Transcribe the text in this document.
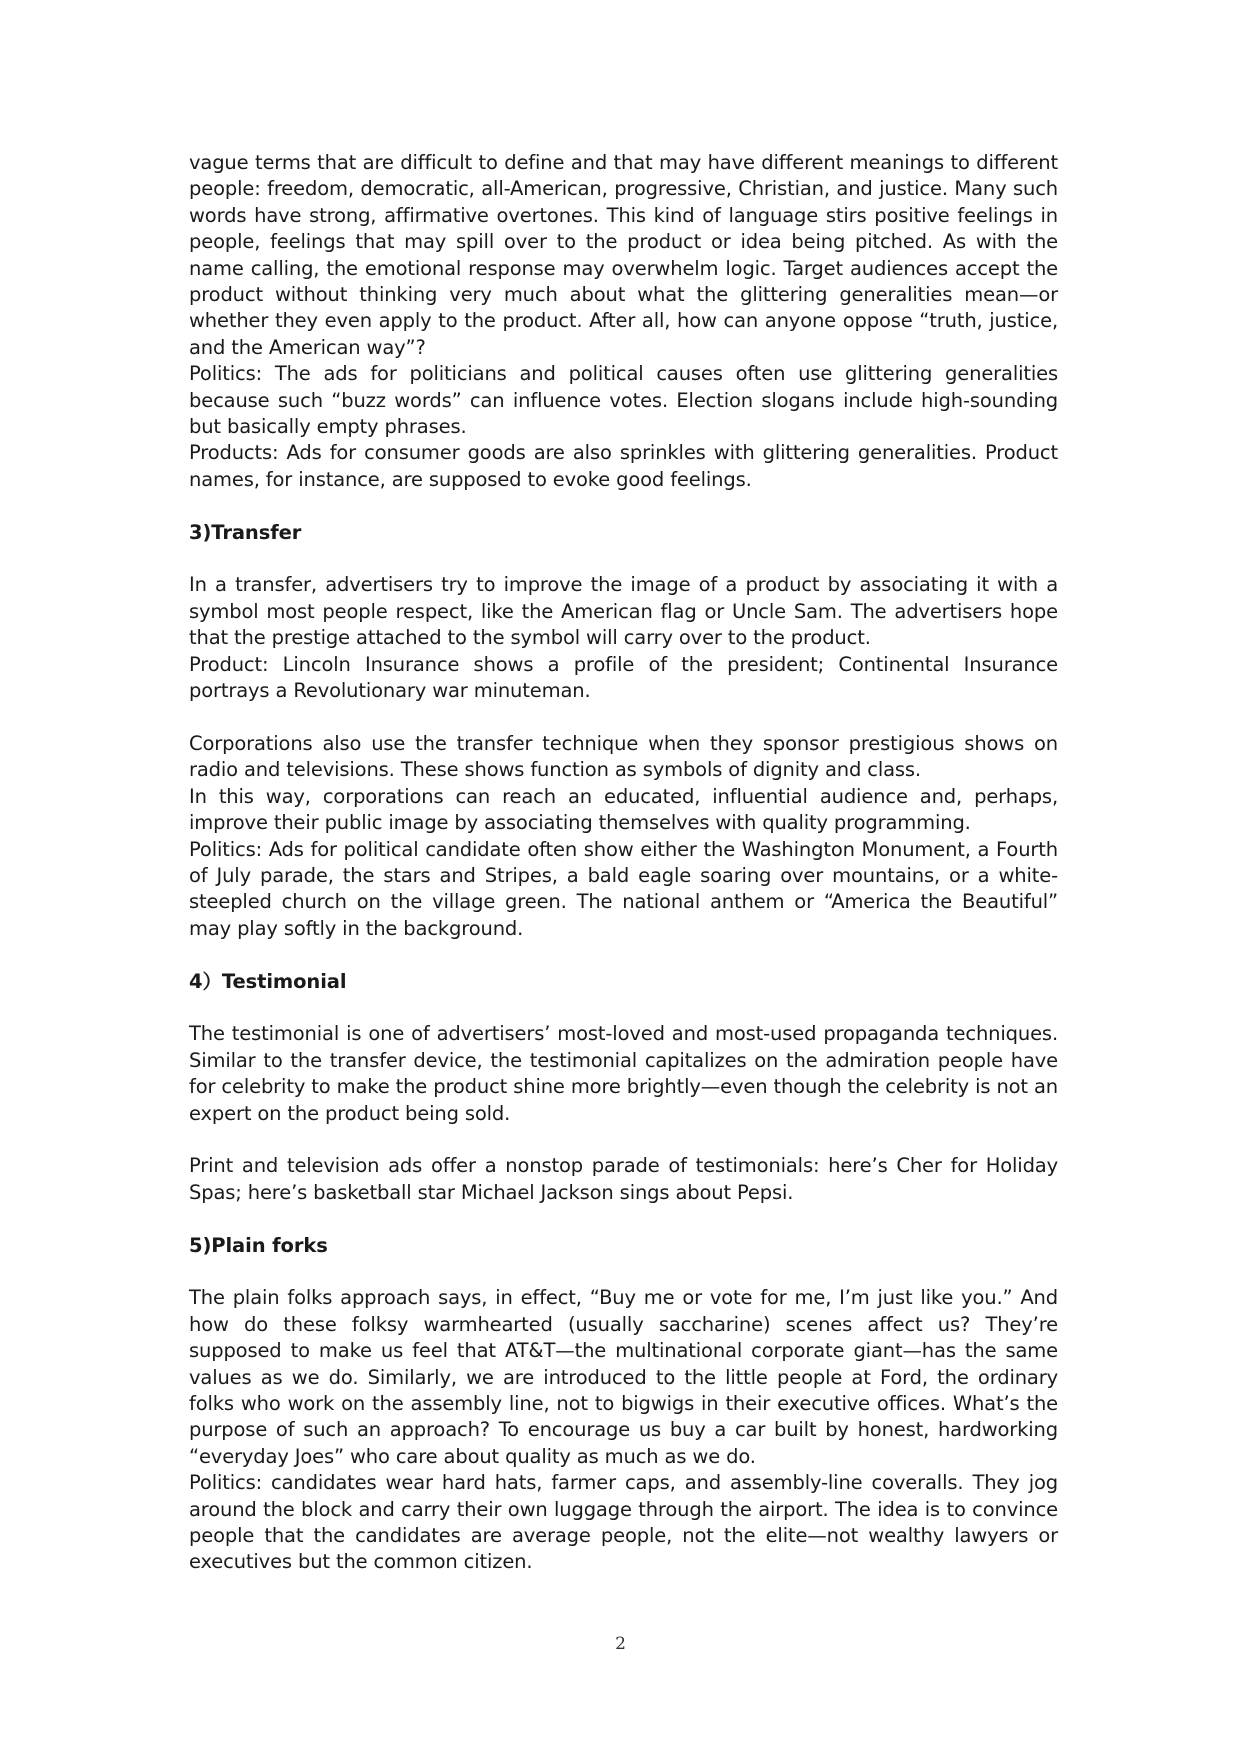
vague terms that are difficult to define and that may have different meanings to different people: freedom, democratic, all-American, progressive, Christian, and justice. Many such words have strong, affirmative overtones. This kind of language stirs positive feelings in people, feelings that may spill over to the product or idea being pitched. As with the name calling, the emotional response may overwhelm logic. Target audiences accept the product without thinking very much about what the glittering generalities mean—or whether they even apply to the product. After all, how can anyone oppose “truth, justice, and the American way”?

Politics: The ads for politicians and political causes often use glittering generalities because such “buzz words” can influence votes. Election slogans include high-sounding but basically empty phrases.

Products: Ads for consumer goods are also sprinkles with glittering generalities. Product names, for instance, are supposed to evoke good feelings.

3)Transfer

In a transfer, advertisers try to improve the image of a product by associating it with a symbol most people respect, like the American flag or Uncle Sam. The advertisers hope that the prestige attached to the symbol will carry over to the product.

Product: Lincoln Insurance shows a profile of the president; Continental Insurance portrays a Revolutionary war minuteman.

Corporations also use the transfer technique when they sponsor prestigious shows on radio and televisions. These shows function as symbols of dignity and class.

In this way, corporations can reach an educated, influential audience and, perhaps, improve their public image by associating themselves with quality programming.

Politics: Ads for political candidate often show either the Washington Monument, a Fourth of July parade, the stars and Stripes, a bald eagle soaring over mountains, or a white-steepled church on the village green. The national anthem or “America the Beautiful” may play softly in the background.

4）Testimonial

The testimonial is one of advertisers’ most-loved and most-used propaganda techniques. Similar to the transfer device, the testimonial capitalizes on the admiration people have for celebrity to make the product shine more brightly—even though the celebrity is not an expert on the product being sold.

Print and television ads offer a nonstop parade of testimonials: here’s Cher for Holiday Spas; here’s basketball star Michael Jackson sings about Pepsi.

5)Plain forks

The plain folks approach says, in effect, “Buy me or vote for me, I’m just like you.” And how do these folksy warmhearted (usually saccharine) scenes affect us? They’re supposed to make us feel that AT&T—the multinational corporate giant—has the same values as we do. Similarly, we are introduced to the little people at Ford, the ordinary folks who work on the assembly line, not to bigwigs in their executive offices. What’s the purpose of such an approach? To encourage us buy a car built by honest, hardworking “everyday Joes” who care about quality as much as we do.

Politics: candidates wear hard hats, farmer caps, and assembly-line coveralls. They jog around the block and carry their own luggage through the airport. The idea is to convince people that the candidates are average people, not the elite—not wealthy lawyers or executives but the common citizen.

2
